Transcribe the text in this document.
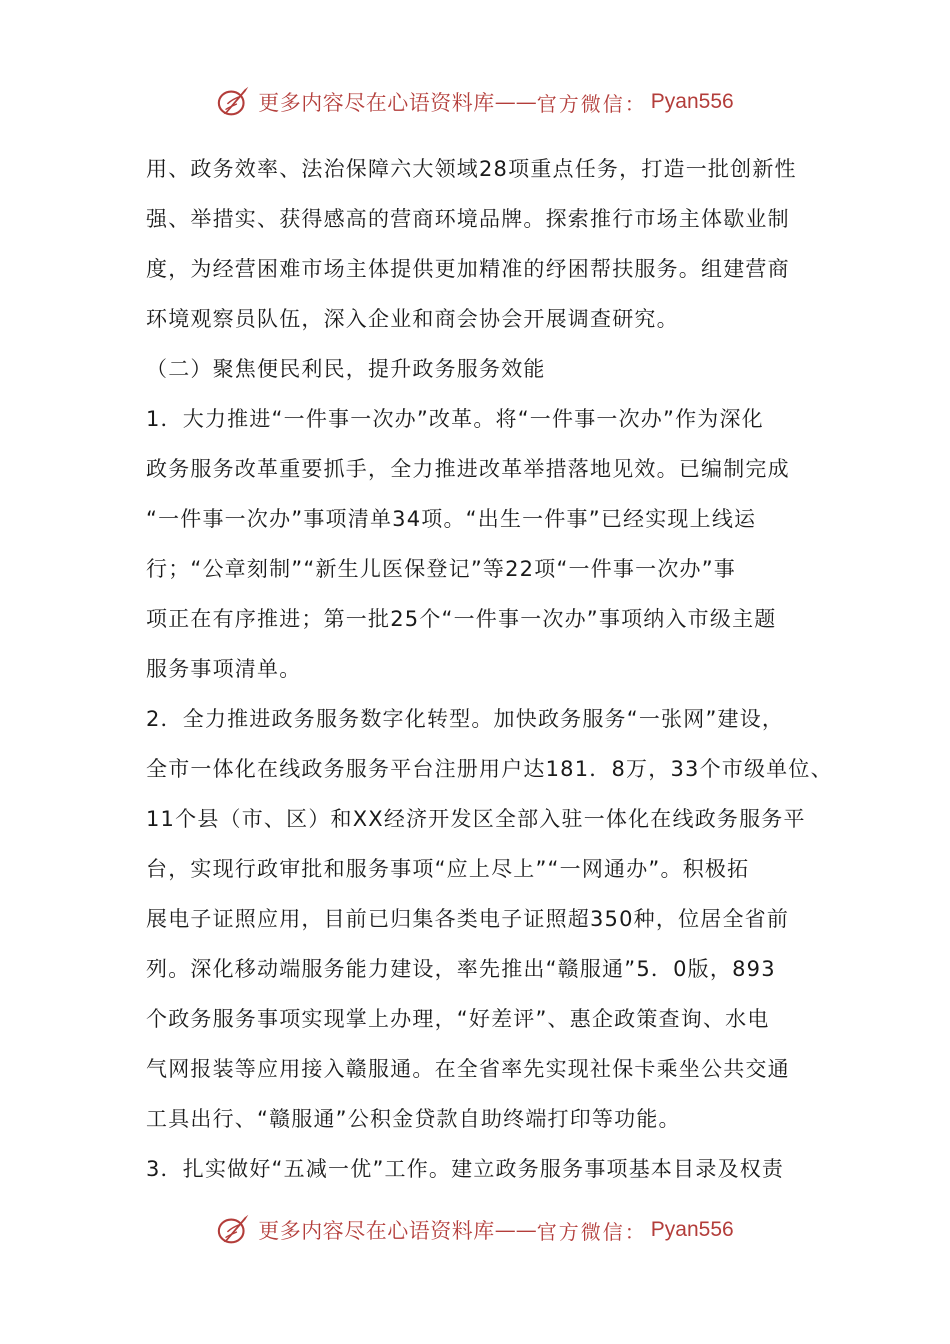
更多内容尽在心语资料库 —— 官方微信： Pyan556
用、政务效率、法治保障六大领域28项重点任务，打造一批创新性
强、举措实、获得感高的营商环境品牌。探索推行市场主体歇业制
度，为经营困难市场主体提供更加精准的纾困帮扶服务。组建营商
环境观察员队伍，深入企业和商会协会开展调查研究。
（二）聚焦便民利民，提升政务服务效能
1．大力推进“一件事一次办”改革。将“一件事一次办”作为深化
政务服务改革重要抓手，全力推进改革举措落地见效。已编制完成
“一件事一次办”事项清单34项。“出生一件事”已经实现上线运
行；“公章刻制”“新生儿医保登记”等22项“一件事一次办”事
项正在有序推进；第一批25个“一件事一次办”事项纳入市级主题
服务事项清单。
2．全力推进政务服务数字化转型。加快政务服务“一张网”建设，
全市一体化在线政务服务平台注册用户达181．8万，33个市级单位、
11个县（市、区）和XX经济开发区全部入驻一体化在线政务服务平
台，实现行政审批和服务事项“应上尽上”“一网通办”。积极拓
展电子证照应用，目前已归集各类电子证照超350种，位居全省前
列。深化移动端服务能力建设，率先推出“赣服通”5．0版，893
个政务服务事项实现掌上办理，“好差评”、惠企政策查询、水电
气网报装等应用接入赣服通。在全省率先实现社保卡乘坐公共交通
工具出行、“赣服通”公积金贷款自助终端打印等功能。
3．扎实做好“五减一优”工作。建立政务服务事项基本目录及权责
更多内容尽在心语资料库 —— 官方微信： Pyan556
